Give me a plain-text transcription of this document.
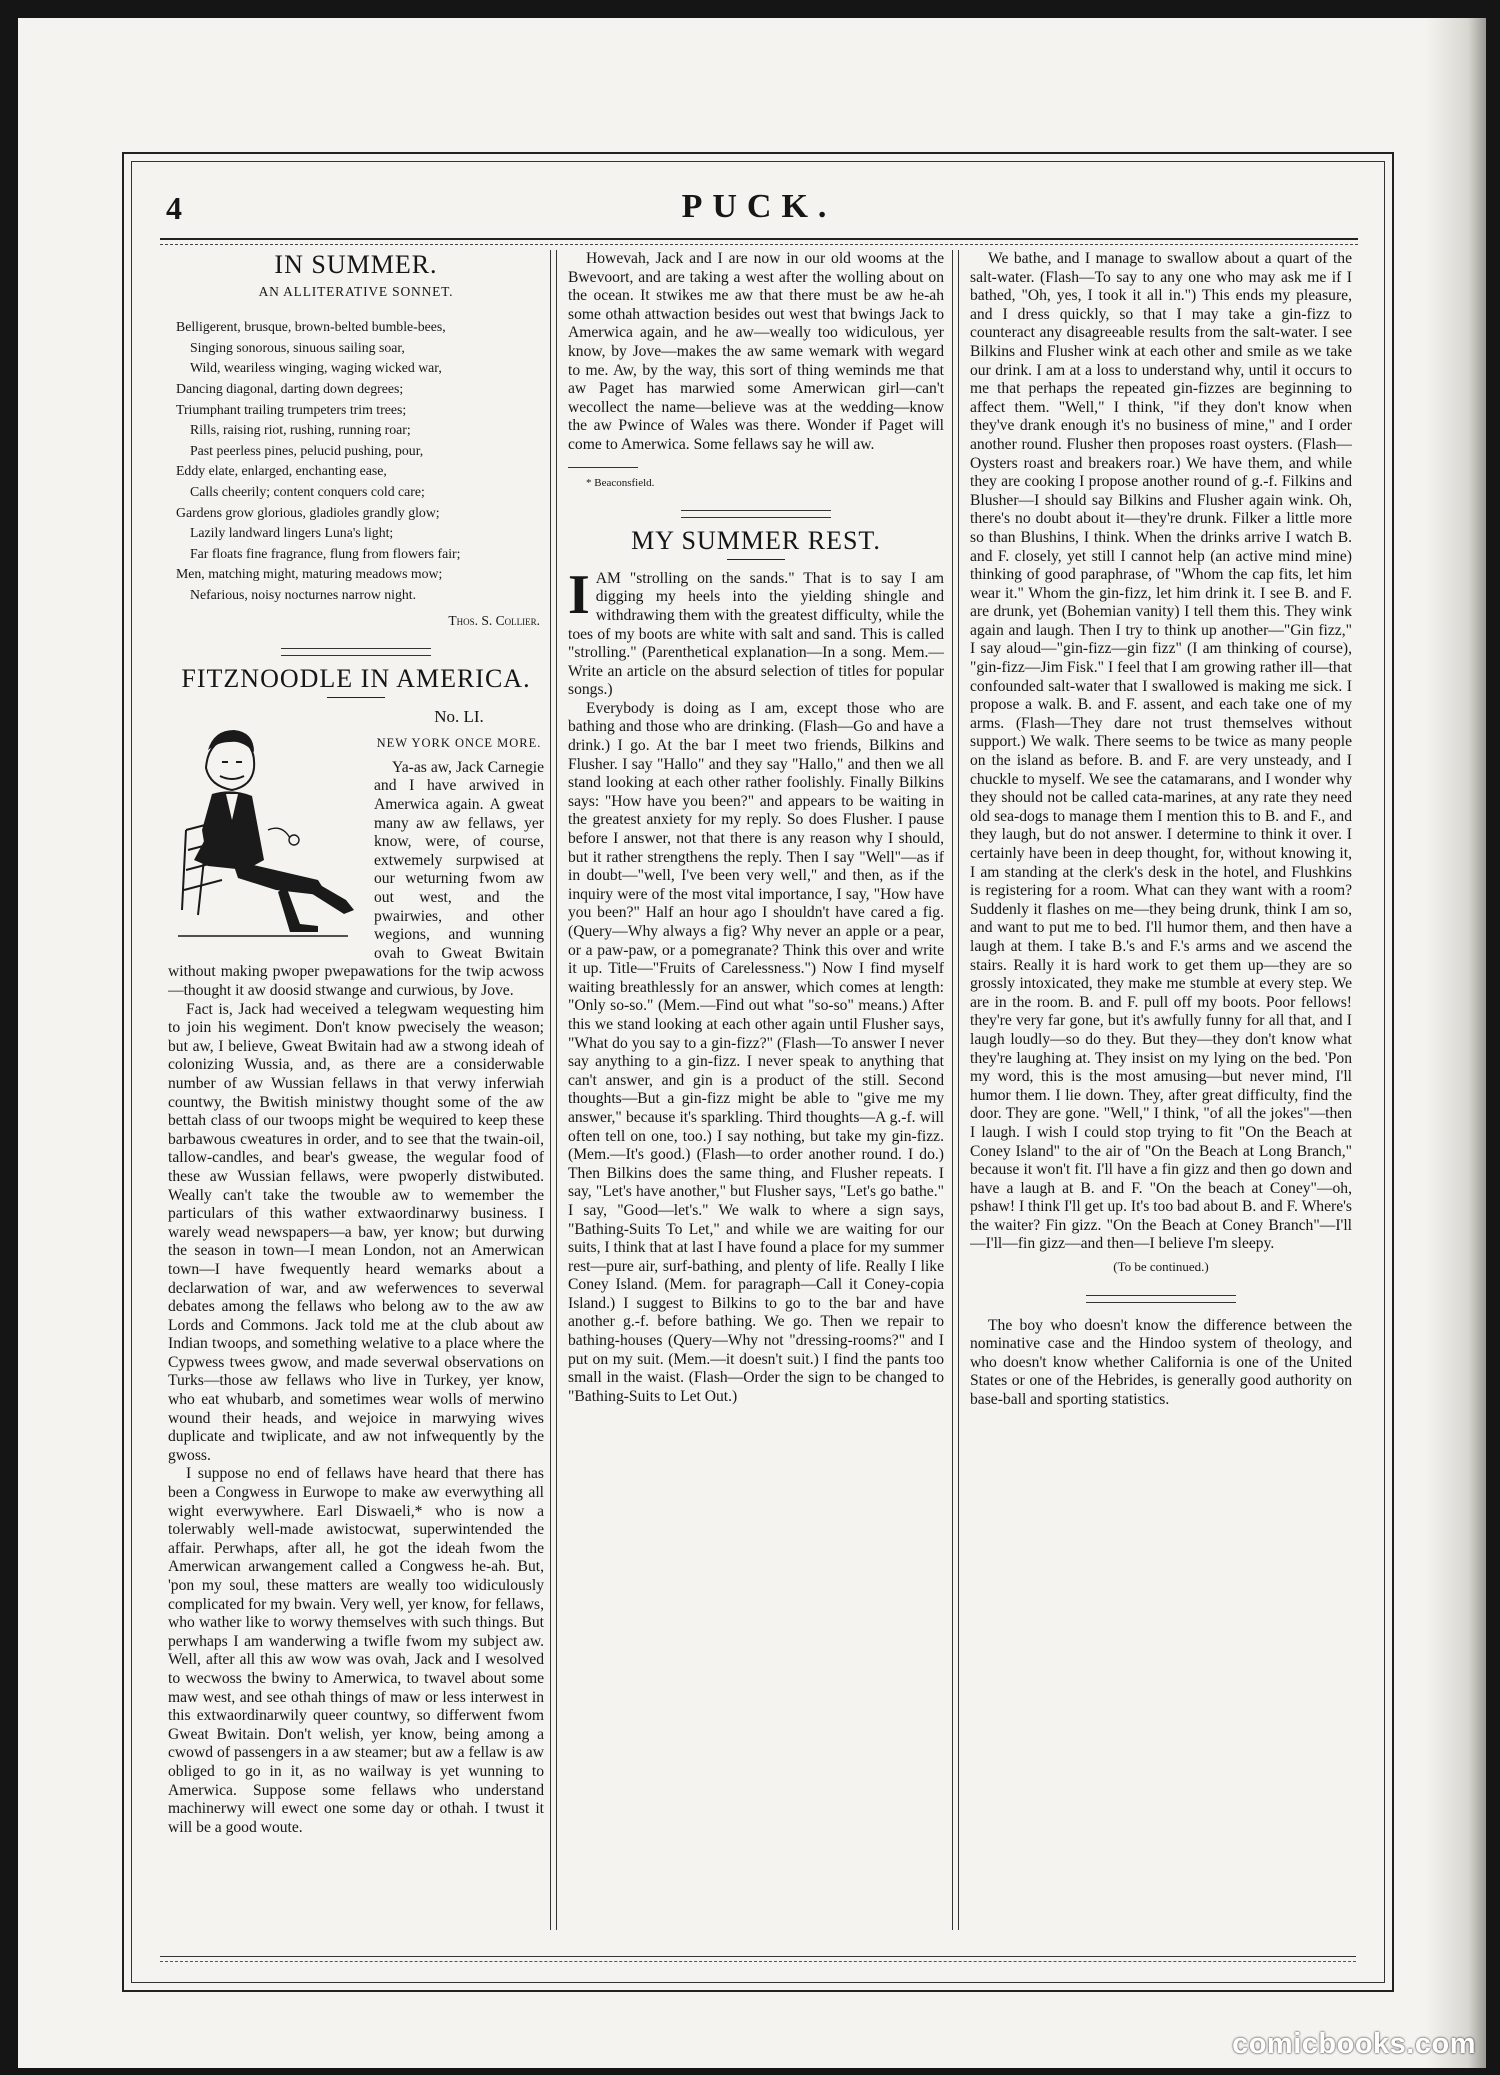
4	PUCK.
IN SUMMER.
AN ALLITERATIVE SONNET.
Belligerent, brusque, brown-belted bumble-bees,
Singing sonorous, sinuous sailing soar,
Wild, weariless winging, waging wicked war,
Dancing diagonal, darting down degrees;
Triumphant trailing trumpeters trim trees;
Rills, raising riot, rushing, running roar;
Past peerless pines, pelucid pushing, pour,
Eddy elate, enlarged, enchanting ease,
Calls cheerily; content conquers cold care;
Gardens grow glorious, gladioles grandly glow;
Lazily landward lingers Luna's light;
Far floats fine fragrance, flung from flowers fair;
Men, matching might, maturing meadows mow;
Nefarious, noisy nocturnes narrow night.
Thos. S. Collier.
FITZNOODLE IN AMERICA.
No. LI.
NEW YORK ONCE MORE.

Ya-as aw, Jack Carnegie and I have arwived in Amerwica again. A gweat many aw aw fellaws, yer know, were, of course, extwemely surpwised at our weturning fwom aw out west, and the pwairwies, and other wegions, and wunning ovah to Gweat Bwitain without making pwoper pwepawations for the twip acwoss—thought it aw doosid stwange and curwious, by Jove.

Fact is, Jack had weceived a telegwam wequesting him to join his wegiment. Don't know pwecisely the weason; but aw, I believe, Gweat Bwitain had aw a stwong ideah of colonizing Wussia, and, as there are a considerwable number of aw Wussian fellaws in that verwy inferwiah countwy, the Bwitish ministwy thought some of the aw bettah class of our twoops might be wequired to keep these barbawous cweatures in order, and to see that the twain-oil, tallow-candles, and bear's gwease, the wegular food of these aw Wussian fellaws, were pwoperly distwibuted. Weally can't take the twouble aw to wemember the particulars of this wather extwaordinarwy business. I warely wead newspapers—a baw, yer know; but durwing the season in town—I mean London, not an Amerwican town—I have fwequently heard wemarks about a declarwation of war, and aw weferwences to severwal debates among the fellaws who belong aw to the aw aw Lords and Commons. Jack told me at the club about aw Indian twoops, and something welative to a place where the Cypwess twees gwow, and made severwal observations on Turks—those aw fellaws who live in Turkey, yer know, who eat whubarb, and sometimes wear wolls of merwino wound their heads, and wejoice in marwying wives duplicate and twiplicate, and aw not infwequently by the gwoss.

I suppose no end of fellaws have heard that there has been a Congwess in Eurwope to make aw everwything all wight everwywhere. Earl Diswaeli,* who is now a tolerwably well-made awistocwat, superwintended the affair. Perwhaps, after all, he got the ideah fwom the Amerwican arwangement called a Congwess he-ah. But, 'pon my soul, these matters are weally too widiculously complicated for my bwain. Very well, yer know, for fellaws, who wather like to worwy themselves with such things. But perwhaps I am wanderwing a twifle fwom my subject aw. Well, after all this aw wow was ovah, Jack and I wesolved to wecwoss the bwiny to Amerwica, to twavel about some maw west, and see othah things of maw or less interwest in this extwaordinarwily queer countwy, so differwent fwom Gweat Bwitain. Don't welish, yer know, being among a cwowd of passengers in a aw steamer; but aw a fellaw is aw obliged to go in it, as no wailway is yet wunning to Amerwica. Suppose some fellaws who understand machinerwy will ewect one some day or othah. I twust it will be a good woute.

Howevah, Jack and I are now in our old wooms at the Bwevoort, and are taking a west after the wolling about on the ocean. It stwikes me aw that there must be aw he-ah some othah attwaction besides out west that bwings Jack to Amerwica again, and he aw—weally too widiculous, yer know, by Jove—makes the aw same wemark with wegard to me. Aw, by the way, this sort of thing weminds me that aw Paget has marwied some Amerwican girl—can't wecollect the name—believe was at the wedding—know the aw Pwince of Wales was there. Wonder if Paget will come to Amerwica. Some fellaws say he will aw.

* Beaconsfield.

MY SUMMER REST.

IAM "strolling on the sands." That is to say I am digging my heels into the yielding shingle and withdrawing them with the greatest difficulty, while the toes of my boots are white with salt and sand. This is called "strolling." (Parenthetical explanation—In a song. Mem.—Write an article on the absurd selection of titles for popular songs.)

Everybody is doing as I am, except those who are bathing and those who are drinking. (Flash—Go and have a drink.) I go. At the bar I meet two friends, Bilkins and Flusher. I say "Hallo" and they say "Hallo," and then we all stand looking at each other rather foolishly. Finally Bilkins says: "How have you been?" and appears to be waiting in the greatest anxiety for my reply. So does Flusher. I pause before I answer, not that there is any reason why I should, but it rather strengthens the reply. Then I say "Well"—as if in doubt—"well, I've been very well," and then, as if the inquiry were of the most vital importance, I say, "How have you been?" Half an hour ago I shouldn't have cared a fig. (Query—Why always a fig? Why never an apple or a pear, or a paw-paw, or a pomegranate? Think this over and write it up. Title—"Fruits of Carelessness.") Now I find myself waiting breathlessly for an answer, which comes at length: "Only so-so." (Mem.—Find out what "so-so" means.) After this we stand looking at each other again until Flusher says, "What do you say to a gin-fizz?" (Flash—To answer I never say anything to a gin-fizz. I never speak to anything that can't answer, and gin is a product of the still. Second thoughts—But a gin-fizz might be able to "give me my answer," because it's sparkling. Third thoughts—A g.-f. will often tell on one, too.) I say nothing, but take my gin-fizz. (Mem.—It's good.) (Flash—to order another round. I do.) Then Bilkins does the same thing, and Flusher repeats. I say, "Let's have another," but Flusher says, "Let's go bathe." I say, "Good—let's." We walk to where a sign says, "Bathing-Suits To Let," and while we are waiting for our suits, I think that at last I have found a place for my summer rest—pure air, surf-bathing, and plenty of life. Really I like Coney Island. (Mem. for paragraph—Call it Coney-copia Island.) I suggest to Bilkins to go to the bar and have another g.-f. before bathing. We go. Then we repair to bathing-houses (Query—Why not "dressing-rooms?" and I put on my suit. (Mem.—it doesn't suit.) I find the pants too small in the waist. (Flash—Order the sign to be changed to "Bathing-Suits to Let Out.)

We bathe, and I manage to swallow about a quart of the salt-water. (Flash—To say to any one who may ask me if I bathed, "Oh, yes, I took it all in.") This ends my pleasure, and I dress quickly, so that I may take a gin-fizz to counteract any disagreeable results from the salt-water. I see Bilkins and Flusher wink at each other and smile as we take our drink. I am at a loss to understand why, until it occurs to me that perhaps the repeated gin-fizzes are beginning to affect them. "Well," I think, "if they don't know when they've drank enough it's no business of mine," and I order another round. Flusher then proposes roast oysters. (Flash—Oysters roast and breakers roar.) We have them, and while they are cooking I propose another round of g.-f. Filkins and Blusher—I should say Bilkins and Flusher again wink. Oh, there's no doubt about it—they're drunk. Filker a little more so than Blushins, I think. When the drinks arrive I watch B. and F. closely, yet still I cannot help (an active mind mine) thinking of good paraphrase, of "Whom the cap fits, let him wear it." Whom the gin-fizz, let him drink it. I see B. and F. are drunk, yet (Bohemian vanity) I tell them this. They wink again and laugh. Then I try to think up another—"Gin fizz," I say aloud—"gin-fizz—gin fizz" (I am thinking of course), "gin-fizz—Jim Fisk." I feel that I am growing rather ill—that confounded salt-water that I swallowed is making me sick. I propose a walk. B. and F. assent, and each take one of my arms. (Flash—They dare not trust themselves without support.) We walk. There seems to be twice as many people on the island as before. B. and F. are very unsteady, and I chuckle to myself. We see the catamarans, and I wonder why they should not be called cata-marines, at any rate they need old sea-dogs to manage them I mention this to B. and F., and they laugh, but do not answer. I determine to think it over. I certainly have been in deep thought, for, without knowing it, I am standing at the clerk's desk in the hotel, and Flushkins is registering for a room. What can they want with a room? Suddenly it flashes on me—they being drunk, think I am so, and want to put me to bed. I'll humor them, and then have a laugh at them. I take B.'s and F.'s arms and we ascend the stairs. Really it is hard work to get them up—they are so grossly intoxicated, they make me stumble at every step. We are in the room. B. and F. pull off my boots. Poor fellows! they're very far gone, but it's awfully funny for all that, and I laugh loudly—so do they. But they—they don't know what they're laughing at. They insist on my lying on the bed. 'Pon my word, this is the most amusing—but never mind, I'll humor them. I lie down. They, after great difficulty, find the door. They are gone. "Well," I think, "of all the jokes"—then I laugh. I wish I could stop trying to fit "On the Beach at Coney Island" to the air of "On the Beach at Long Branch," because it won't fit. I'll have a fin gizz and then go down and have a laugh at B. and F. "On the beach at Coney"—oh, pshaw! I think I'll get up. It's too bad about B. and F. Where's the waiter? Fin gizz. "On the Beach at Coney Branch"—I'll—I'll—fin gizz—and then—I believe I'm sleepy.

(To be continued.)

The boy who doesn't know the difference between the nominative case and the Hindoo system of theology, and who doesn't know whether California is one of the United States or one of the Hebrides, is generally good authority on base-ball and sporting statistics.

comicbooks.com
